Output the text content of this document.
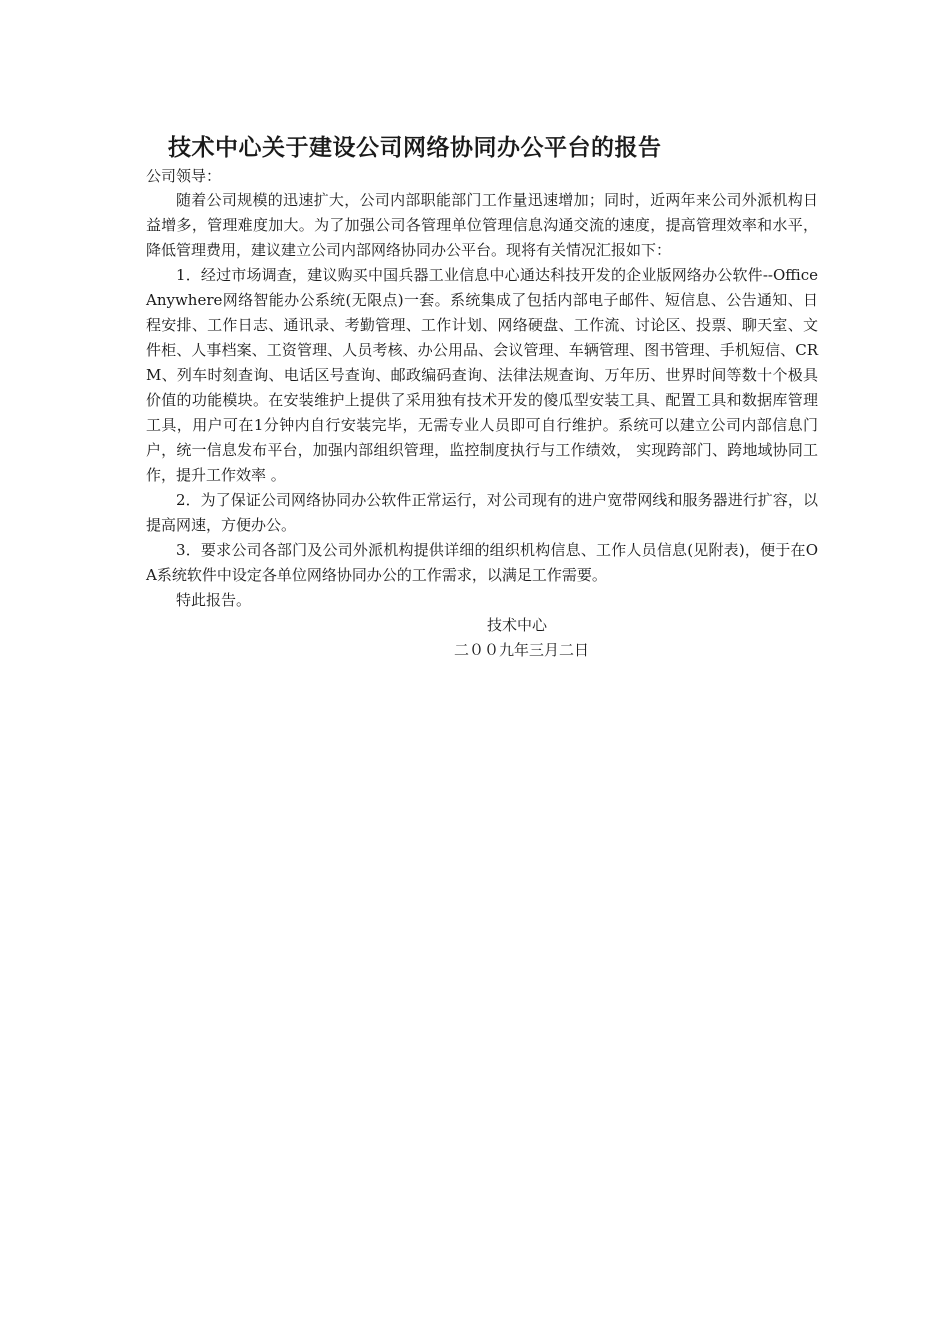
技术中心关于建设公司网络协同办公平台的报告

公司领导：

随着公司规模的迅速扩大，公司内部职能部门工作量迅速增加；同时，近两年来公司外派机构日益增多，管理难度加大。为了加强公司各管理单位管理信息沟通交流的速度，提高管理效率和水平，降低管理费用，建议建立公司内部网络协同办公平台。现将有关情况汇报如下：

1．经过市场调查，建议购买中国兵器工业信息中心通达科技开发的企业版网络办公软件--Office Anywhere网络智能办公系统(无限点)一套。系统集成了包括内部电子邮件、短信息、公告通知、日程安排、工作日志、通讯录、考勤管理、工作计划、网络硬盘、工作流、讨论区、投票、聊天室、文件柜、人事档案、工资管理、人员考核、办公用品、会议管理、车辆管理、图书管理、手机短信、CRM、列车时刻查询、电话区号查询、邮政编码查询、法律法规查询、万年历、世界时间等数十个极具价值的功能模块。在安装维护上提供了采用独有技术开发的傻瓜型安装工具、配置工具和数据库管理工具，用户可在1分钟内自行安装完毕，无需专业人员即可自行维护。系统可以建立公司内部信息门户，统一信息发布平台，加强内部组织管理，监控制度执行与工作绩效， 实现跨部门、跨地域协同工作，提升工作效率 。

2．为了保证公司网络协同办公软件正常运行，对公司现有的进户宽带网线和服务器进行扩容，以提高网速，方便办公。

3．要求公司各部门及公司外派机构提供详细的组织机构信息、工作人员信息(见附表)，便于在OA系统软件中设定各单位网络协同办公的工作需求，以满足工作需要。

特此报告。

技术中心

二００九年三月二日
